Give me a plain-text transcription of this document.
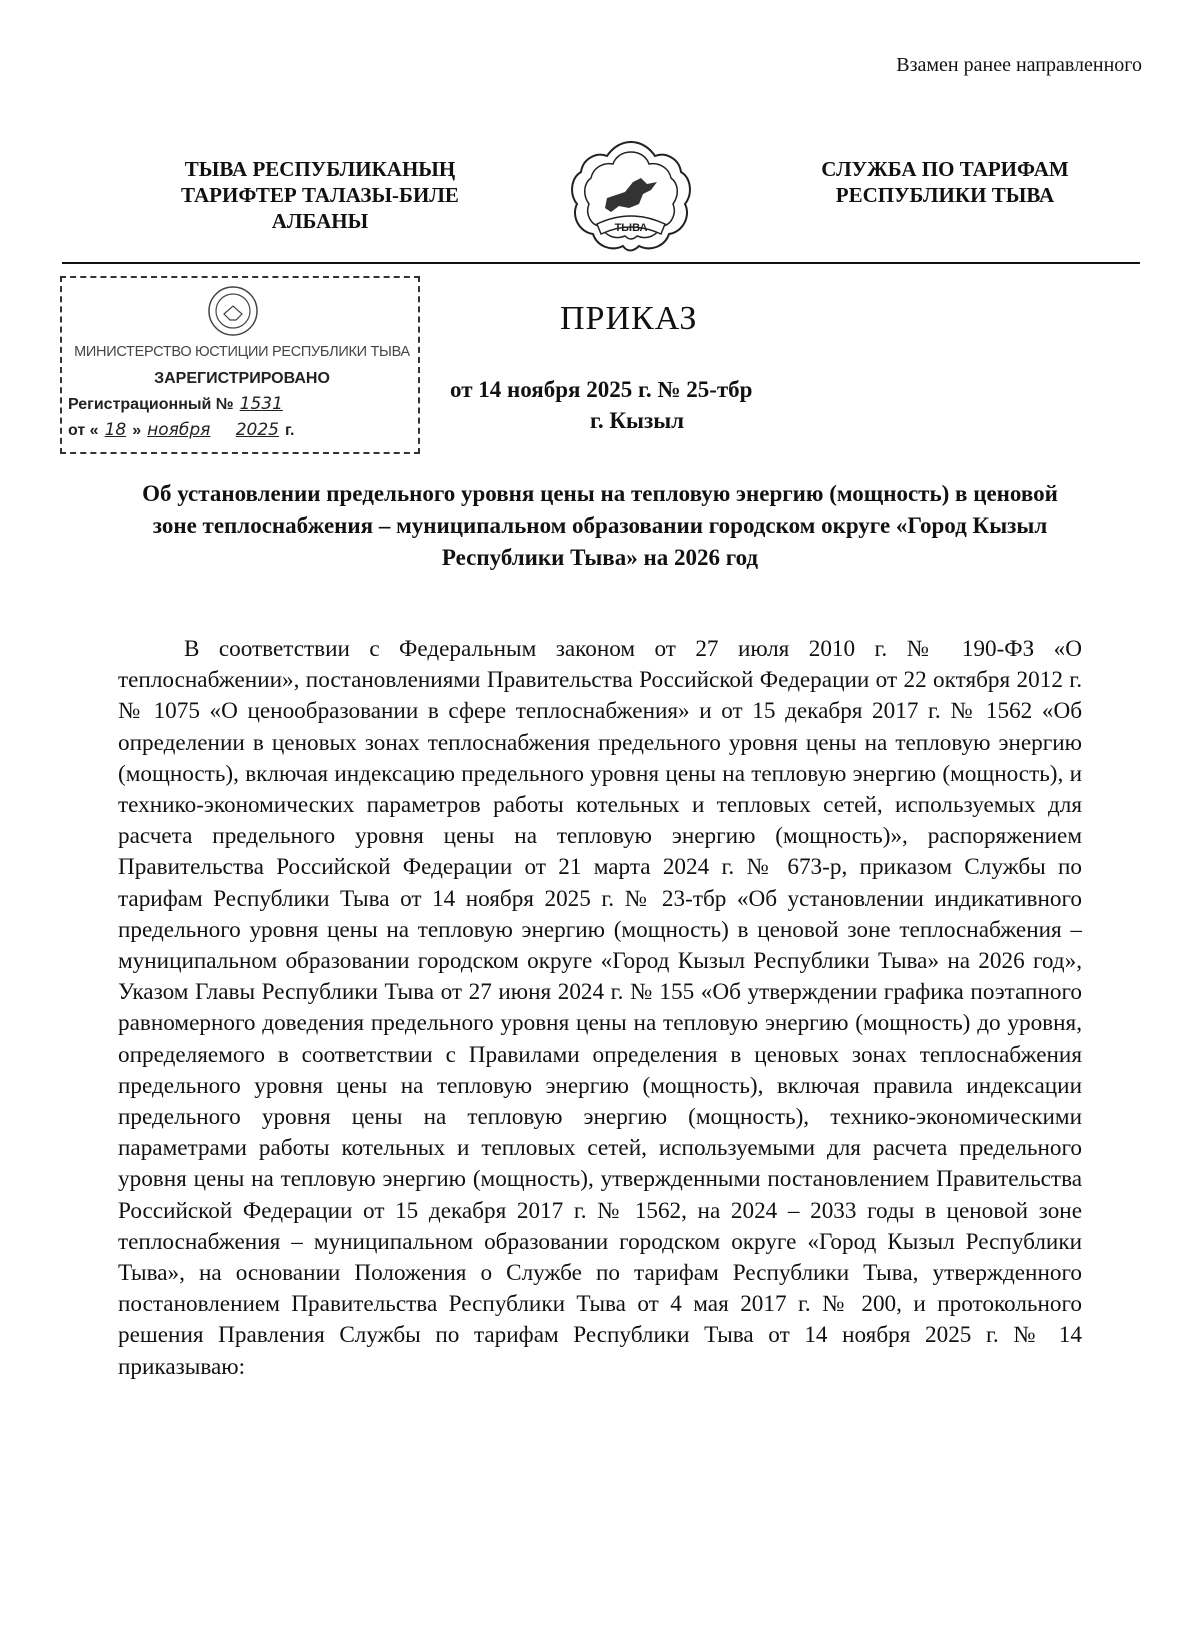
Взамен ранее направленного
ТЫВА РЕСПУБЛИКАНЫҢ
ТАРИФТЕР ТАЛАЗЫ-БИЛЕ
АЛБАНЫ	ТЫВА
СЛУЖБА ПО ТАРИФАМ
РЕСПУБЛИКИ ТЫВА
МИНИСТЕРСТВО ЮСТИЦИИ РЕСПУБЛИКИ ТЫВА
ЗАРЕГИСТРИРОВАНО
Регистрационный № 1531
от « 18 » ноября 2025 г.
ПРИКАЗ
от 14 ноября 2025 г. № 25-тбр
г. Кызыл
Об установлении предельного уровня цены на тепловую энергию (мощность) в ценовой зоне теплоснабжения – муниципальном образовании городском округе «Город Кызыл Республики Тыва» на 2026 год
В соответствии с Федеральным законом от 27 июля 2010 г. № 190-ФЗ «О теплоснабжении», постановлениями Правительства Российской Федерации от 22 октября 2012 г. № 1075 «О ценообразовании в сфере теплоснабжения» и от 15 декабря 2017 г. № 1562 «Об определении в ценовых зонах теплоснабжения предельного уровня цены на тепловую энергию (мощность), включая индексацию предельного уровня цены на тепловую энергию (мощность), и технико-экономических параметров работы котельных и тепловых сетей, используемых для расчета предельного уровня цены на тепловую энергию (мощность)», распоряжением Правительства Российской Федерации от 21 марта 2024 г. № 673-р, приказом Службы по тарифам Республики Тыва от 14 ноября 2025 г. № 23-тбр «Об установлении индикативного предельного уровня цены на тепловую энергию (мощность) в ценовой зоне теплоснабжения – муниципальном образовании городском округе «Город Кызыл Республики Тыва» на 2026 год», Указом Главы Республики Тыва от 27 июня 2024 г. № 155 «Об утверждении графика поэтапного равномерного доведения предельного уровня цены на тепловую энергию (мощность) до уровня, определяемого в соответствии с Правилами определения в ценовых зонах теплоснабжения предельного уровня цены на тепловую энергию (мощность), включая правила индексации предельного уровня цены на тепловую энергию (мощность), технико-экономическими параметрами работы котельных и тепловых сетей, используемыми для расчета предельного уровня цены на тепловую энергию (мощность), утвержденными постановлением Правительства Российской Федерации от 15 декабря 2017 г. № 1562, на 2024 – 2033 годы в ценовой зоне теплоснабжения – муниципальном образовании городском округе «Город Кызыл Республики Тыва», на основании Положения о Службе по тарифам Республики Тыва, утвержденного постановлением Правительства Республики Тыва от 4 мая 2017 г. № 200, и протокольного решения Правления Службы по тарифам Республики Тыва от 14 ноября 2025 г. № 14 приказываю:
